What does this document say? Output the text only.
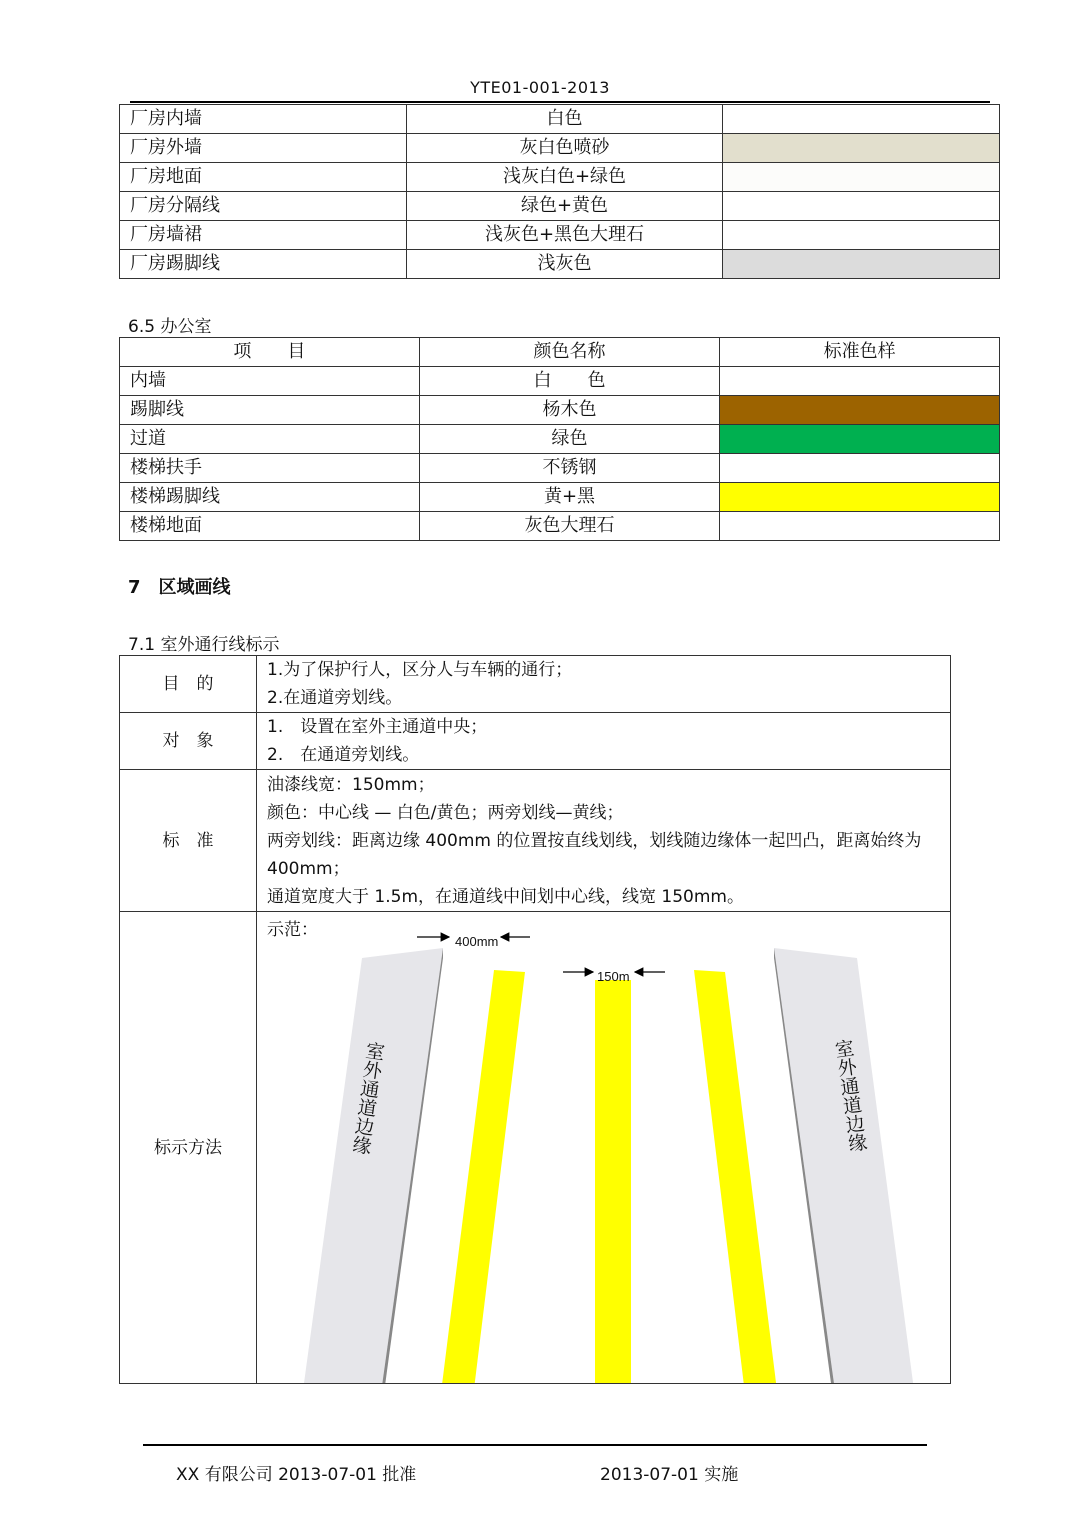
YTE01-001-2013
厂房内墙	白色	
厂房外墙	灰白色喷砂	
厂房地面	浅灰白色+绿色	
厂房分隔线	绿色+黄色	
厂房墙裙	浅灰色+黑色大理石	
厂房踢脚线	浅灰色	
6.5 办公室
项　　目	颜色名称	标准色样
内墙	白　　色	
踢脚线	杨木色	
过道	绿色	
楼梯扶手	不锈钢	
楼梯踢脚线	黄+黑	
楼梯地面	灰色大理石	
7　区域画线
7.1 室外通行线标示
目　的	1.为了保护行人，区分人与车辆的通行；
2.在通道旁划线。

对　象	1.　设置在室外主通道中央；
2.　在通道旁划线。

标　准	油漆线宽：150mm；
颜色：中心线 — 白色/黄色；两旁划线—黄线；
两旁划线：距离边缘 400mm 的位置按直线划线，划线随边缘体一起凹凸，距离始终为 400mm；
通道宽度大于 1.5m，在通道线中间划中心线，线宽 150mm。

标示方法	示范：
400mm
150m
室外通道边缘
室外通道边缘
XX 有限公司 2013-07-01 批准	2013-07-01 实施
